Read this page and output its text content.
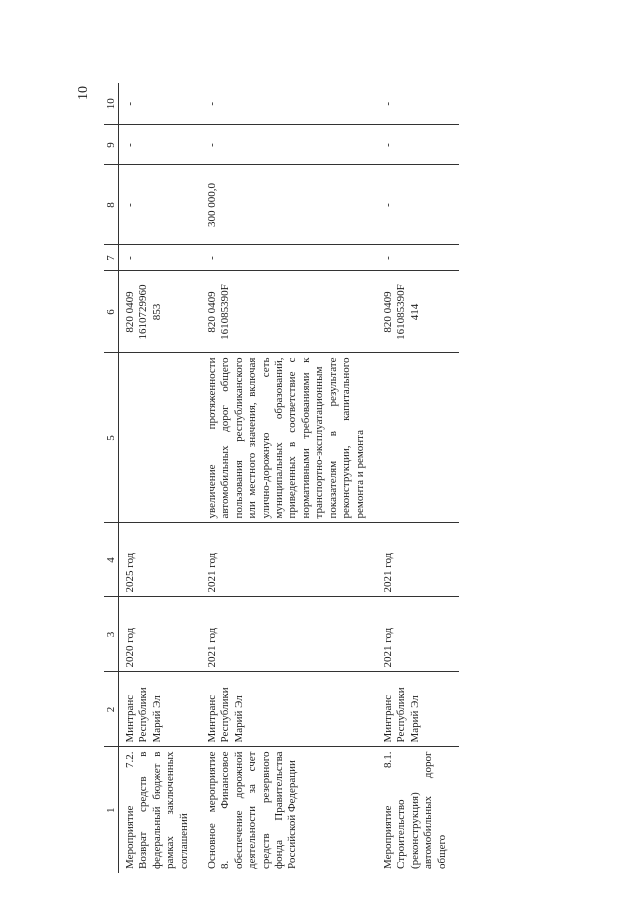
10
1	2	3	4	5	6	7	8	9	10
Мероприятие 7.2. Возврат средств в федеральный бюджет в рамках заключенных соглашений	Минтранс Республики Марий Эл	2020 год	2025 год		820 0409 1610729960 853	-	-	-	-
Основное мероприятие 8. Финансовое обеспечение дорожной деятельности за счет средств резервного фонда Правительства Российской Федерации	Минтранс Республики Марий Эл	2021 год	2021 год	увеличение протяженности автомобильных дорог общего пользования республиканского или местного значения, включая улично-дорожную сеть муниципальных образований, приведенных в соответствие с нормативными требованиями к транспортно-эксплуатационным показателям в результате реконструкции, капитального ремонта и ремонта	820 0409 161085390F	-	300 000,0	-	-
Мероприятие 8.1. Строительство (реконструкция) автомобильных дорог общего	Минтранс Республики Марий Эл	2021 год	2021 год		820 0409 161085390F 414	-	-	-	-
